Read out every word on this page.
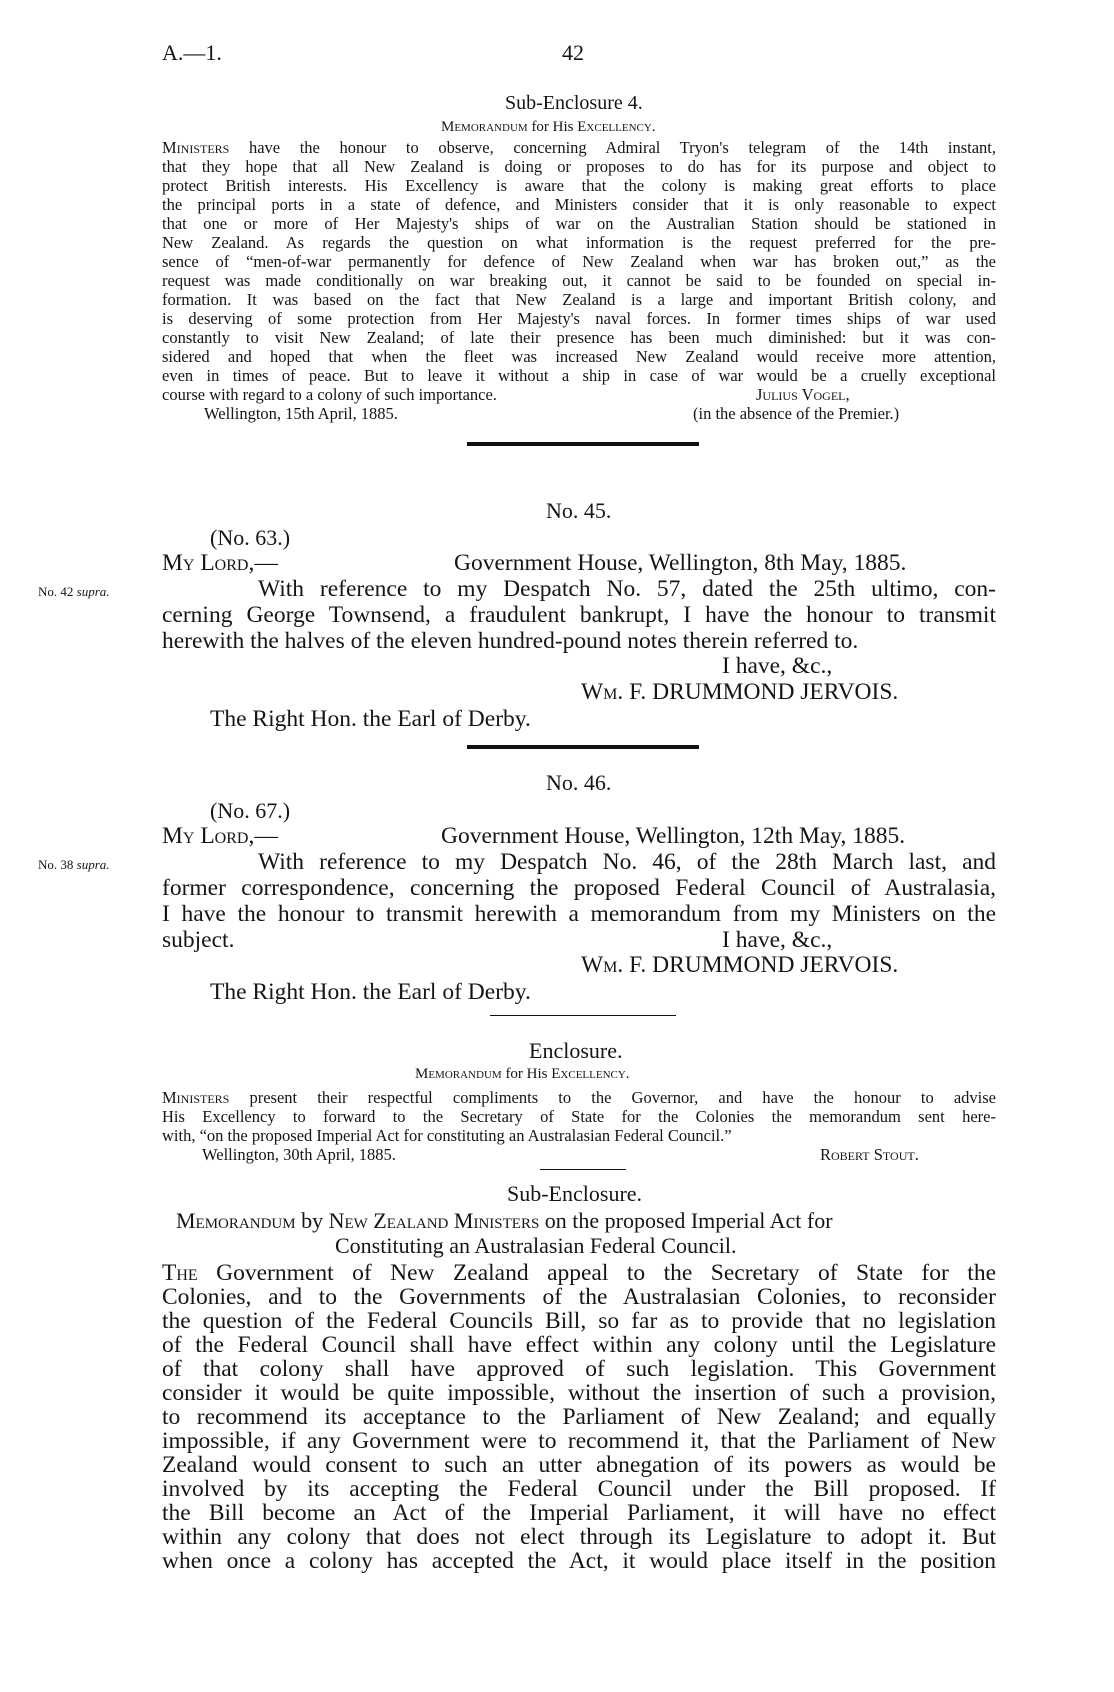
A.—1.	42
Sub-Enclosure 4.
Memorandum for His Excellency.
Ministers have the honour to observe, concerning Admiral Tryon's telegram of the 14th instant,
that they hope that all New Zealand is doing or proposes to do has for its purpose and object to
protect British interests. His Excellency is aware that the colony is making great efforts to place
the principal ports in a state of defence, and Ministers consider that it is only reasonable to expect
that one or more of Her Majesty's ships of war on the Australian Station should be stationed in
New Zealand. As regards the question on what information is the request preferred for the pre-
sence of “men-of-war permanently for defence of New Zealand when war has broken out,” as the
request was made conditionally on war breaking out, it cannot be said to be founded on special in-
formation. It was based on the fact that New Zealand is a large and important British colony, and
is deserving of some protection from Her Majesty's naval forces. In former times ships of war used
constantly to visit New Zealand; of late their presence has been much diminished: but it was con-
sidered and hoped that when the fleet was increased New Zealand would receive more attention,
even in times of peace. But to leave it without a ship in case of war would be a cruelly exceptional
course with regard to a colony of such importance.	Julius Vogel,
Wellington, 15th April, 1885.	(in the absence of the Premier.)
No. 45.
(No. 63.)
My Lord,—	Government House, Wellington, 8th May, 1885.
No. 42 supra.	With reference to my Despatch No. 57, dated the 25th ultimo, con-
cerning George Townsend, a fraudulent bankrupt, I have the honour to transmit
herewith the halves of the eleven hundred-pound notes therein referred to.
I have, &c.,
Wm. F. DRUMMOND JERVOIS.
The Right Hon. the Earl of Derby.
No. 46.
(No. 67.)
My Lord,—	Government House, Wellington, 12th May, 1885.
No. 38 supra.	With reference to my Despatch No. 46, of the 28th March last, and
former correspondence, concerning the proposed Federal Council of Australasia,
I have the honour to transmit herewith a memorandum from my Ministers on the
subject.	I have, &c.,
Wm. F. DRUMMOND JERVOIS.
The Right Hon. the Earl of Derby.
Enclosure.
Memorandum for His Excellency.
Ministers present their respectful compliments to the Governor, and have the honour to advise
His Excellency to forward to the Secretary of State for the Colonies the memorandum sent here-
with, “on the proposed Imperial Act for constituting an Australasian Federal Council.”
Wellington, 30th April, 1885.	Robert Stout.
Sub-Enclosure.
Memorandum by New Zealand Ministers on the proposed Imperial Act for
Constituting an Australasian Federal Council.
The Government of New Zealand appeal to the Secretary of State for the
Colonies, and to the Governments of the Australasian Colonies, to reconsider
the question of the Federal Councils Bill, so far as to provide that no legislation
of the Federal Council shall have effect within any colony until the Legislature
of that colony shall have approved of such legislation. This Government
consider it would be quite impossible, without the insertion of such a provision,
to recommend its acceptance to the Parliament of New Zealand; and equally
impossible, if any Government were to recommend it, that the Parliament of New
Zealand would consent to such an utter abnegation of its powers as would be
involved by its accepting the Federal Council under the Bill proposed. If
the Bill become an Act of the Imperial Parliament, it will have no effect
within any colony that does not elect through its Legislature to adopt it. But
when once a colony has accepted the Act, it would place itself in the position
